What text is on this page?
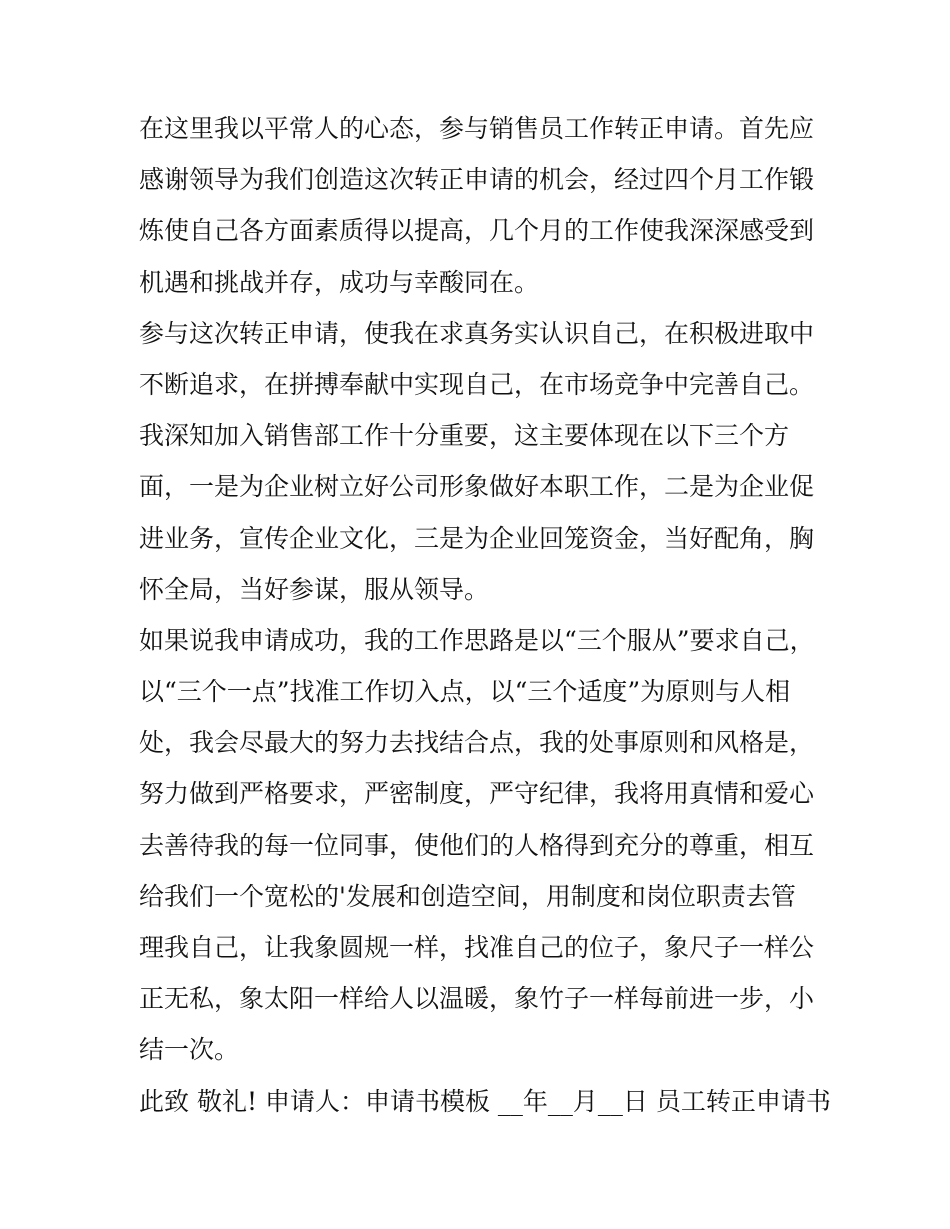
在这里我以平常人的心态，参与销售员工作转正申请。首先应
感谢领导为我们创造这次转正申请的机会，经过四个月工作锻
炼使自己各方面素质得以提高，几个月的工作使我深深感受到
机遇和挑战并存，成功与幸酸同在。
参与这次转正申请，使我在求真务实认识自己，在积极进取中
不断追求，在拼搏奉献中实现自己，在市场竞争中完善自己。
我深知加入销售部工作十分重要，这主要体现在以下三个方
面，一是为企业树立好公司形象做好本职工作，二是为企业促
进业务，宣传企业文化，三是为企业回笼资金，当好配角，胸
怀全局，当好参谋，服从领导。
如果说我申请成功，我的工作思路是以“三个服从”要求自己，
以“三个一点”找准工作切入点，以“三个适度”为原则与人相
处，我会尽最大的努力去找结合点，我的处事原则和风格是，
努力做到严格要求，严密制度，严守纪律，我将用真情和爱心
去善待我的每一位同事，使他们的人格得到充分的尊重，相互
给我们一个宽松的'发展和创造空间，用制度和岗位职责去管
理我自己，让我象圆规一样，找准自己的位子，象尺子一样公
正无私，象太阳一样给人以温暖，象竹子一样每前进一步，小
结一次。
此致 敬礼! 申请人：申请书模板 __年__月__日 员工转正申请书
